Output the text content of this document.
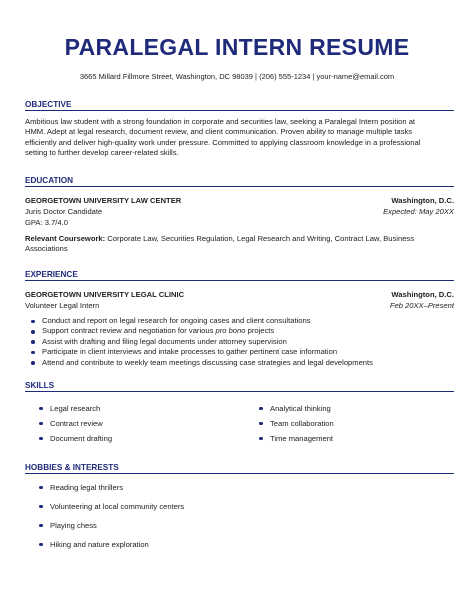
PARALEGAL INTERN RESUME
3665 Millard Fillmore Street, Washington, DC 98039 | (206) 555-1234 | your-name@email.com
OBJECTIVE
Ambitious law student with a strong foundation in corporate and securities law, seeking a Paralegal Intern position at
HMM. Adept at legal research, document review, and client communication. Proven ability to manage multiple tasks
efficiently and deliver high-quality work under pressure. Committed to applying classroom knowledge in a professional
setting to further develop career-related skills.
EDUCATION
GEORGETOWN UNIVERSITY LAW CENTER	Washington, D.C.
Juris Doctor Candidate	Expected: May 20XX
GPA: 3.7/4.0
Relevant Coursework: Corporate Law, Securities Regulation, Legal Research and Writing, Contract Law, Business
Associations
EXPERIENCE
GEORGETOWN UNIVERSITY LEGAL CLINIC	Washington, D.C.
Volunteer Legal Intern	Feb 20XX–Present
Conduct and report on legal research for ongoing cases and client consultations
Support contract review and negotiation for various pro bono projects
Assist with drafting and filing legal documents under attorney supervision
Participate in client interviews and intake processes to gather pertinent case information
Attend and contribute to weekly team meetings discussing case strategies and legal developments
SKILLS
Legal research
Contract review
Document drafting
Analytical thinking
Team collaboration
Time management
HOBBIES & INTERESTS
Reading legal thrillers
Volunteering at local community centers
Playing chess
Hiking and nature exploration
